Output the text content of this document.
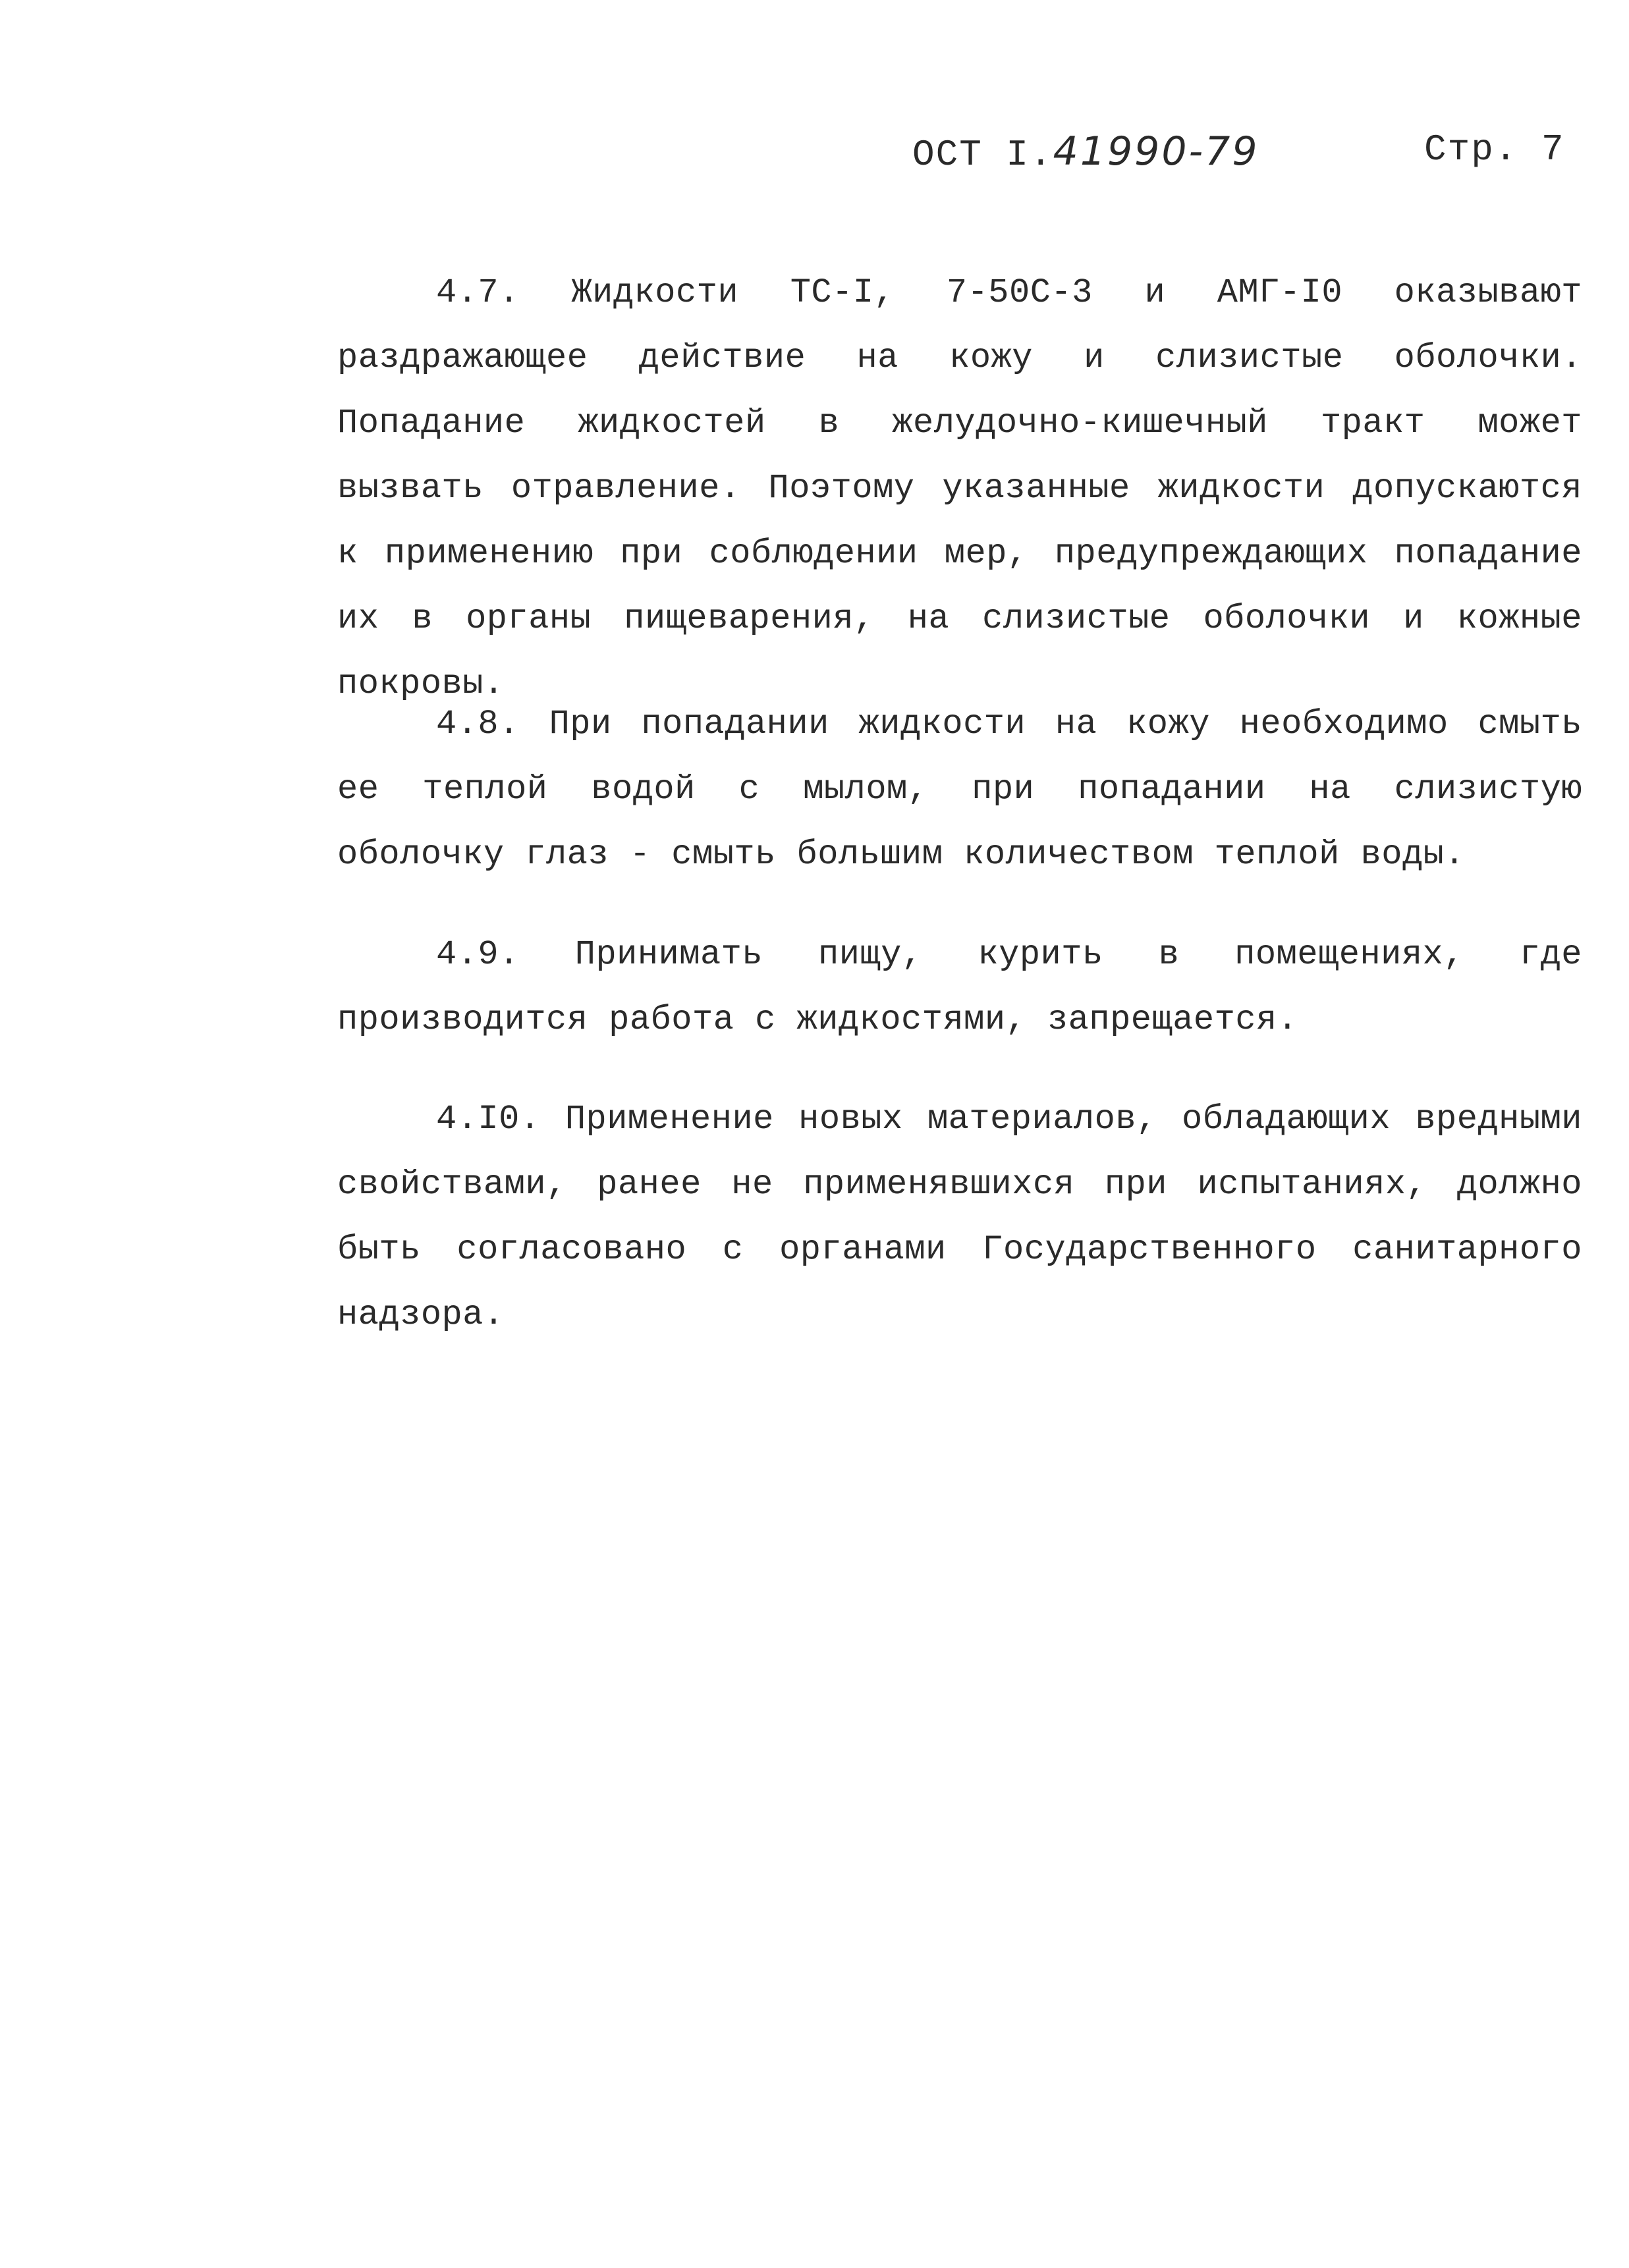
ОСТ I.41990-79	Стр. 7

4.7. Жидкости ТС-I, 7-50С-3 и АМГ-I0 оказывают раздражающее действие на кожу и слизистые оболочки. Попадание жидкостей в желудочно-кишечный тракт может вызвать отравление. Поэтому указанные жидкости допускаются к применению при соблюдении мер, предупреждающих попадание их в органы пищеварения, на слизистые оболочки и кожные покровы.

4.8. При попадании жидкости на кожу необходимо смыть ее теплой водой с мылом, при попадании на слизистую оболочку глаз - смыть большим количеством теплой воды.

4.9. Принимать пищу, курить в помещениях, где производится работа с жидкостями, запрещается.

4.I0. Применение новых материалов, обладающих вредными свойствами, ранее не применявшихся при испытаниях, должно быть согласовано с органами Государственного санитарного надзора.
